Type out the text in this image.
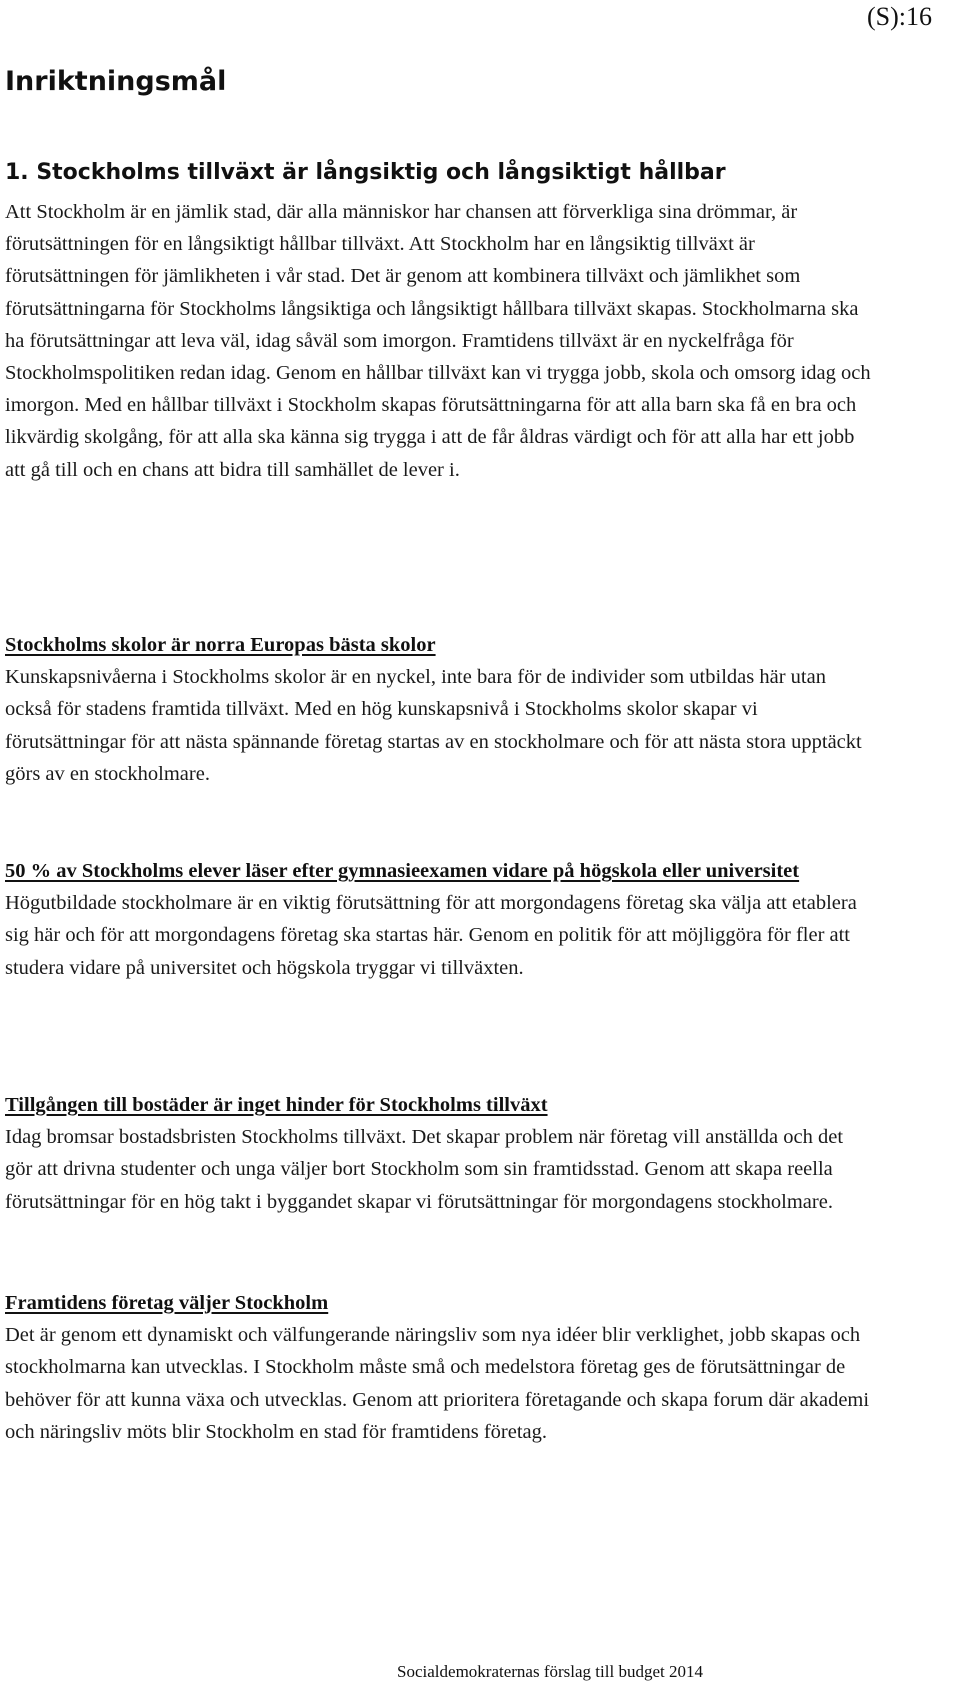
(S):16
Inriktningsmål
1. Stockholms tillväxt är långsiktig och långsiktigt hållbar

Att Stockholm är en jämlik stad, där alla människor har chansen att förverkliga sina drömmar, är förutsättningen för en långsiktigt hållbar tillväxt. Att Stockholm har en långsiktig tillväxt är förutsättningen för jämlikheten i vår stad. Det är genom att kombinera tillväxt och jämlikhet som förutsättningarna för Stockholms långsiktiga och långsiktigt hållbara tillväxt skapas. Stockholmarna ska ha förutsättningar att leva väl, idag såväl som imorgon. Framtidens tillväxt är en nyckelfråga för Stockholmspolitiken redan idag. Genom en hållbar tillväxt kan vi trygga jobb, skola och omsorg idag och imorgon. Med en hållbar tillväxt i Stockholm skapas förutsättningarna för att alla barn ska få en bra och likvärdig skolgång, för att alla ska känna sig trygga i att de får åldras värdigt och för att alla har ett jobb att gå till och en chans att bidra till samhället de lever i.

Stockholms skolor är norra Europas bästa skolor

Kunskapsnivåerna i Stockholms skolor är en nyckel, inte bara för de individer som utbildas här utan också för stadens framtida tillväxt. Med en hög kunskapsnivå i Stockholms skolor skapar vi förutsättningar för att nästa spännande företag startas av en stockholmare och för att nästa stora upptäckt görs av en stockholmare.

50 % av Stockholms elever läser efter gymnasieexamen vidare på högskola eller universitet

Högutbildade stockholmare är en viktig förutsättning för att morgondagens företag ska välja att etablera sig här och för att morgondagens företag ska startas här. Genom en politik för att möjliggöra för fler att studera vidare på universitet och högskola tryggar vi tillväxten.

Tillgången till bostäder är inget hinder för Stockholms tillväxt

Idag bromsar bostadsbristen Stockholms tillväxt. Det skapar problem när företag vill anställda och det gör att drivna studenter och unga väljer bort Stockholm som sin framtidsstad. Genom att skapa reella förutsättningar för en hög takt i byggandet skapar vi förutsättningar för morgondagens stockholmare.

Framtidens företag väljer Stockholm

Det är genom ett dynamiskt och välfungerande näringsliv som nya idéer blir verklighet, jobb skapas och stockholmarna kan utvecklas. I Stockholm måste små och medelstora företag ges de förutsättningar de behöver för att kunna växa och utvecklas. Genom att prioritera företagande och skapa forum där akademi och näringsliv möts blir Stockholm en stad för framtidens företag.

Socialdemokraternas förslag till budget 2014
